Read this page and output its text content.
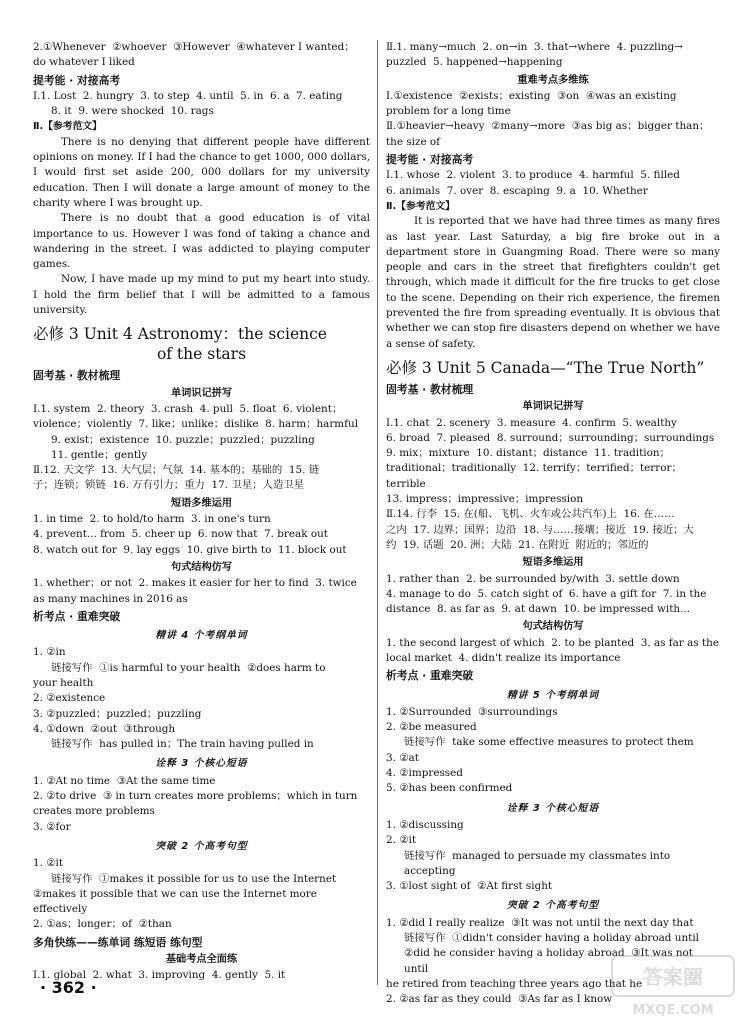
2.①Whenever  ②whoever  ③However  ④whatever I wanted；
do whatever I liked
提考能 · 对接高考
Ⅰ.1. Lost  2. hungry  3. to step  4. until  5. in  6. a  7. eating
8. it  9. were shocked  10. rags
Ⅱ.【参考范文】
There is no denying that different people have different opinions on money. If I had the chance to get 1000, 000 dollars, I would first set aside 200, 000 dollars for my university education. Then I will donate a large amount of money to the charity where I was brought up.
There is no doubt that a good education is of vital importance to us. However I was fond of taking a chance and wandering in the street. I was addicted to playing computer games.
Now, I have made up my mind to put my heart into study. I hold the firm belief that I will be admitted to a famous university.
必修 3 Unit 4 Astronomy：the science
of the stars
固考基 · 教材梳理
单词识记拼写
Ⅰ.1. system  2. theory  3. crash  4. pull  5. float  6. violent；
violence；violently  7. like；unlike；dislike  8. harm；harmful
9. exist；existence  10. puzzle；puzzled；puzzling
11. gentle；gently
Ⅱ.12. 天文学  13. 大气层；气氛  14. 基本的；基础的  15. 链
子；连锁；锁链  16. 万有引力；重力  17. 卫星；人造卫星
短语多维运用
1. in time  2. to hold/to harm  3. in one's turn
4. prevent... from  5. cheer up  6. now that  7. break out
8. watch out for  9. lay eggs  10. give birth to  11. block out
句式结构仿写
1. whether；or not  2. makes it easier for her to find  3. twice
as many machines in 2016 as
析考点 · 重难突破
精讲 4 个考纲单词
1. ②in
链接写作  ①is harmful to your health  ②does harm to
your health
2. ②existence
3. ②puzzled；puzzled；puzzling
4. ①down  ②out  ③through
链接写作  has pulled in；The train having pulled in
诠释 3 个核心短语
1. ②At no time  ③At the same time
2. ②to drive  ③ in turn creates more problems；which in turn
creates more problems
3. ②for
突破 2 个高考句型
1. ②it
链接写作  ①makes it possible for us to use the Internet
②makes it possible that we can use the Internet more
effectively
2. ①as；longer；of  ②than
多角快练——练单词 练短语 练句型
基础考点全面练
Ⅰ.1. global  2. what  3. improving  4. gently  5. it
Ⅱ.1. many→much  2. on→in  3. that→where  4. puzzling→
puzzled  5. happened→happening
重难考点多维练
Ⅰ.①existence  ②exists；existing  ③on  ④was an existing
problem for a long time
Ⅱ.①heavier→heavy  ②many→more  ③as big as；bigger than；
the size of
提考能 · 对接高考
Ⅰ.1. whose  2. violent  3. to produce  4. harmful  5. filled
6. animals  7. over  8. escaping  9. a  10. Whether
Ⅱ.【参考范文】
It is reported that we have had three times as many fires as last year. Last Saturday, a big fire broke out in a department store in Guangming Road. There were so many people and cars in the street that firefighters couldn't get through, which made it difficult for the fire trucks to get close to the scene. Depending on their rich experience, the firemen prevented the fire from spreading eventually. It is obvious that whether we can stop fire disasters depend on whether we have a sense of safety.
必修 3 Unit 5 Canada—“The True North”
固考基 · 教材梳理
单词识记拼写
Ⅰ.1. chat  2. scenery  3. measure  4. confirm  5. wealthy
6. broad  7. pleased  8. surround；surrounding；surroundings
9. mix；mixture  10. distant；distance  11. tradition；
traditional；traditionally  12. terrify；terrified；terror；terrible
13. impress；impressive；impression
Ⅱ.14. 行李  15. 在(船、飞机、火车或公共汽车)上  16. 在……
之内  17. 边界；国界；边沿  18. 与……接壤；接近  19. 接近；大
约  19. 话题  20. 洲；大陆  21. 在附近  附近的；邻近的
短语多维运用
1. rather than  2. be surrounded by/with  3. settle down
4. manage to do  5. catch sight of  6. have a gift for  7. in the
distance  8. as far as  9. at dawn  10. be impressed with...
句式结构仿写
1. the second largest of which  2. to be planted  3. as far as the
local market  4. didn't realize its importance
析考点 · 重难突破
精讲 5 个考纲单词
1. ②Surrounded  ③surroundings
2. ②be measured
链接写作  take some effective measures to protect them
3. ②at
4. ②impressed
5. ②has been confirmed
诠释 3 个核心短语
1. ②discussing
2. ②it
链接写作  managed to persuade my classmates into accepting
3. ①lost sight of  ②At first sight
突破 2 个高考句型
1. ②did I really realize  ③It was not until the next day that
链接写作  ①didn't consider having a holiday abroad until
②did he consider having a holiday abroad  ③It was not until
he retired from teaching three years ago that he
2. ②as far as they could  ③As far as I know
· 362 ·	答案圈
MXQE.COM
